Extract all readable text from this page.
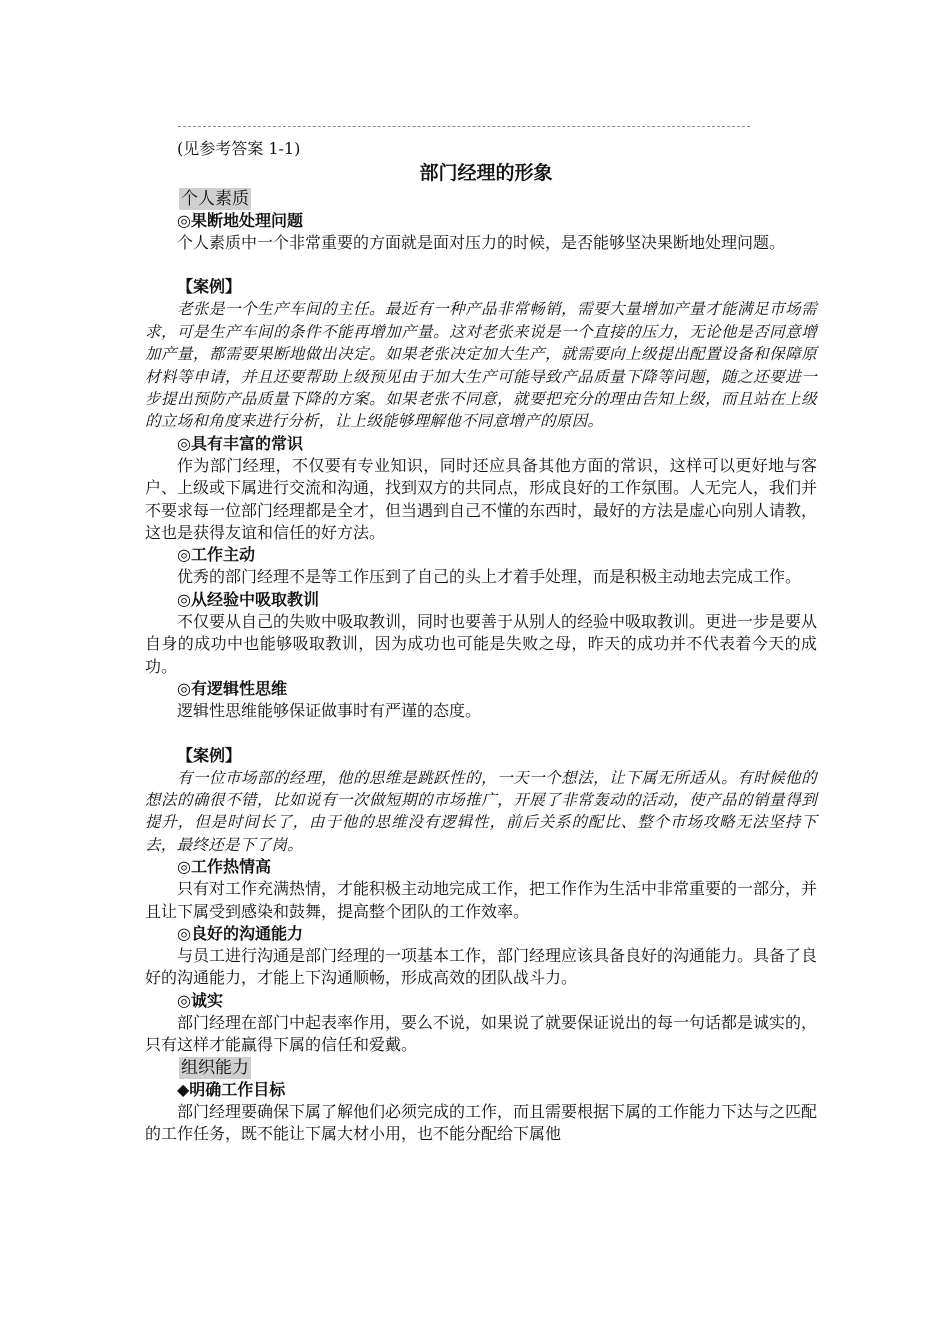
(见参考答案 1-1)

部门经理的形象

个人素质

◎果断地处理问题

个人素质中一个非常重要的方面就是面对压力的时候，是否能够坚决果断地处理问题。

【案例】

老张是一个生产车间的主任。最近有一种产品非常畅销，需要大量增加产量才能满足市场需求，可是生产车间的条件不能再增加产量。这对老张来说是一个直接的压力，无论他是否同意增加产量，都需要果断地做出决定。如果老张决定加大生产，就需要向上级提出配置设备和保障原材料等申请，并且还要帮助上级预见由于加大生产可能导致产品质量下降等问题，随之还要进一步提出预防产品质量下降的方案。如果老张不同意，就要把充分的理由告知上级，而且站在上级的立场和角度来进行分析，让上级能够理解他不同意增产的原因。

◎具有丰富的常识

作为部门经理，不仅要有专业知识，同时还应具备其他方面的常识，这样可以更好地与客户、上级或下属进行交流和沟通，找到双方的共同点，形成良好的工作氛围。人无完人，我们并不要求每一位部门经理都是全才，但当遇到自己不懂的东西时，最好的方法是虚心向别人请教，这也是获得友谊和信任的好方法。

◎工作主动

优秀的部门经理不是等工作压到了自己的头上才着手处理，而是积极主动地去完成工作。

◎从经验中吸取教训

不仅要从自己的失败中吸取教训，同时也要善于从别人的经验中吸取教训。更进一步是要从自身的成功中也能够吸取教训，因为成功也可能是失败之母，昨天的成功并不代表着今天的成功。

◎有逻辑性思维

逻辑性思维能够保证做事时有严谨的态度。

【案例】

有一位市场部的经理，他的思维是跳跃性的，一天一个想法，让下属无所适从。有时候他的想法的确很不错，比如说有一次做短期的市场推广，开展了非常轰动的活动，使产品的销量得到提升，但是时间长了，由于他的思维没有逻辑性，前后关系的配比、整个市场攻略无法坚持下去，最终还是下了岗。

◎工作热情高

只有对工作充满热情，才能积极主动地完成工作，把工作作为生活中非常重要的一部分，并且让下属受到感染和鼓舞，提高整个团队的工作效率。

◎良好的沟通能力

与员工进行沟通是部门经理的一项基本工作，部门经理应该具备良好的沟通能力。具备了良好的沟通能力，才能上下沟通顺畅，形成高效的团队战斗力。

◎诚实

部门经理在部门中起表率作用，要么不说，如果说了就要保证说出的每一句话都是诚实的，只有这样才能赢得下属的信任和爱戴。

组织能力

◆明确工作目标

部门经理要确保下属了解他们必须完成的工作，而且需要根据下属的工作能力下达与之匹配的工作任务，既不能让下属大材小用，也不能分配给下属他
